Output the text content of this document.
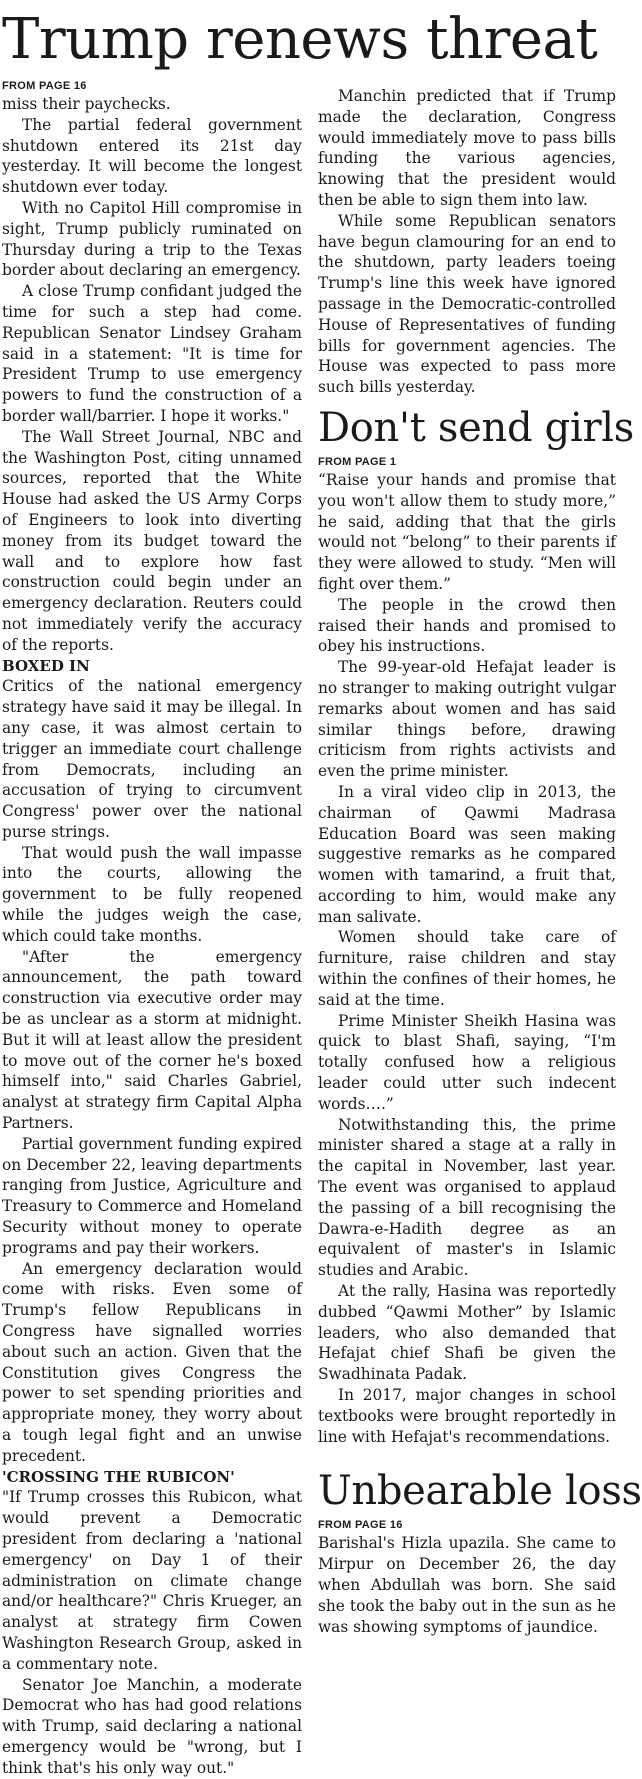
Trump renews threat
FROM PAGE 16

miss their paychecks.

The partial federal government shutdown entered its 21st day yesterday. It will become the longest shutdown ever today.

With no Capitol Hill compromise in sight, Trump publicly ruminated on Thursday during a trip to the Texas border about declaring an emergency.

A close Trump confidant judged the time for such a step had come. Republican Senator Lindsey Graham said in a statement: "It is time for President Trump to use emergency powers to fund the construction of a border wall/barrier. I hope it works."

The Wall Street Journal, NBC and the Washington Post, citing unnamed sources, reported that the White House had asked the US Army Corps of Engineers to look into diverting money from its budget toward the wall and to explore how fast construction could begin under an emergency declaration. Reuters could not immediately verify the accuracy of the reports.

BOXED IN

Critics of the national emergency strategy have said it may be illegal. In any case, it was almost certain to trigger an immediate court challenge from Democrats, including an accusation of trying to circumvent Congress' power over the national purse strings.

That would push the wall impasse into the courts, allowing the government to be fully reopened while the judges weigh the case, which could take months.

"After the emergency announcement, the path toward construction via executive order may be as unclear as a storm at midnight. But it will at least allow the president to move out of the corner he's boxed himself into," said Charles Gabriel, analyst at strategy firm Capital Alpha Partners.

Partial government funding expired on December 22, leaving departments ranging from Justice, Agriculture and Treasury to Commerce and Homeland Security without money to operate programs and pay their workers.

An emergency declaration would come with risks. Even some of Trump's fellow Republicans in Congress have signalled worries about such an action. Given that the Constitution gives Congress the power to set spending priorities and appropriate money, they worry about a tough legal fight and an unwise precedent.

'CROSSING THE RUBICON'

"If Trump crosses this Rubicon, what would prevent a Democratic president from declaring a 'national emergency' on Day 1 of their administration on climate change and/or healthcare?" Chris Krueger, an analyst at strategy firm Cowen Washington Research Group, asked in a commentary note.

Senator Joe Manchin, a moderate Democrat who has had good relations with Trump, said declaring a national emergency would be "wrong, but I think that's his only way out."

Manchin predicted that if Trump made the declaration, Congress would immediately move to pass bills funding the various agencies, knowing that the president would then be able to sign them into law.

While some Republican senators have begun clamouring for an end to the shutdown, party leaders toeing Trump's line this week have ignored passage in the Democratic-controlled House of Representatives of funding bills for government agencies. The House was expected to pass more such bills yesterday.

Don't send girls
FROM PAGE 1

“Raise your hands and promise that you won't allow them to study more,” he said, adding that that the girls would not “belong” to their parents if they were allowed to study. “Men will fight over them.”

The people in the crowd then raised their hands and promised to obey his instructions.

The 99-year-old Hefajat leader is no stranger to making outright vulgar remarks about women and has said similar things before, drawing criticism from rights activists and even the prime minister.

In a viral video clip in 2013, the chairman of Qawmi Madrasa Education Board was seen making suggestive remarks as he compared women with tamarind, a fruit that, according to him, would make any man salivate.

Women should take care of furniture, raise children and stay within the confines of their homes, he said at the time.

Prime Minister Sheikh Hasina was quick to blast Shafi, saying, “I'm totally confused how a religious leader could utter such indecent words….”

Notwithstanding this, the prime minister shared a stage at a rally in the capital in November, last year. The event was organised to applaud the passing of a bill recognising the Dawra-e-Hadith degree as an equivalent of master's in Islamic studies and Arabic.

At the rally, Hasina was reportedly dubbed “Qawmi Mother” by Islamic leaders, who also demanded that Hefajat chief Shafi be given the Swadhinata Padak.

In 2017, major changes in school textbooks were brought reportedly in line with Hefajat's recommendations.

Unbearable loss
FROM PAGE 16

Barishal's Hizla upazila. She came to Mirpur on December 26, the day when Abdullah was born. She said she took the baby out in the sun as he was showing symptoms of jaundice.
